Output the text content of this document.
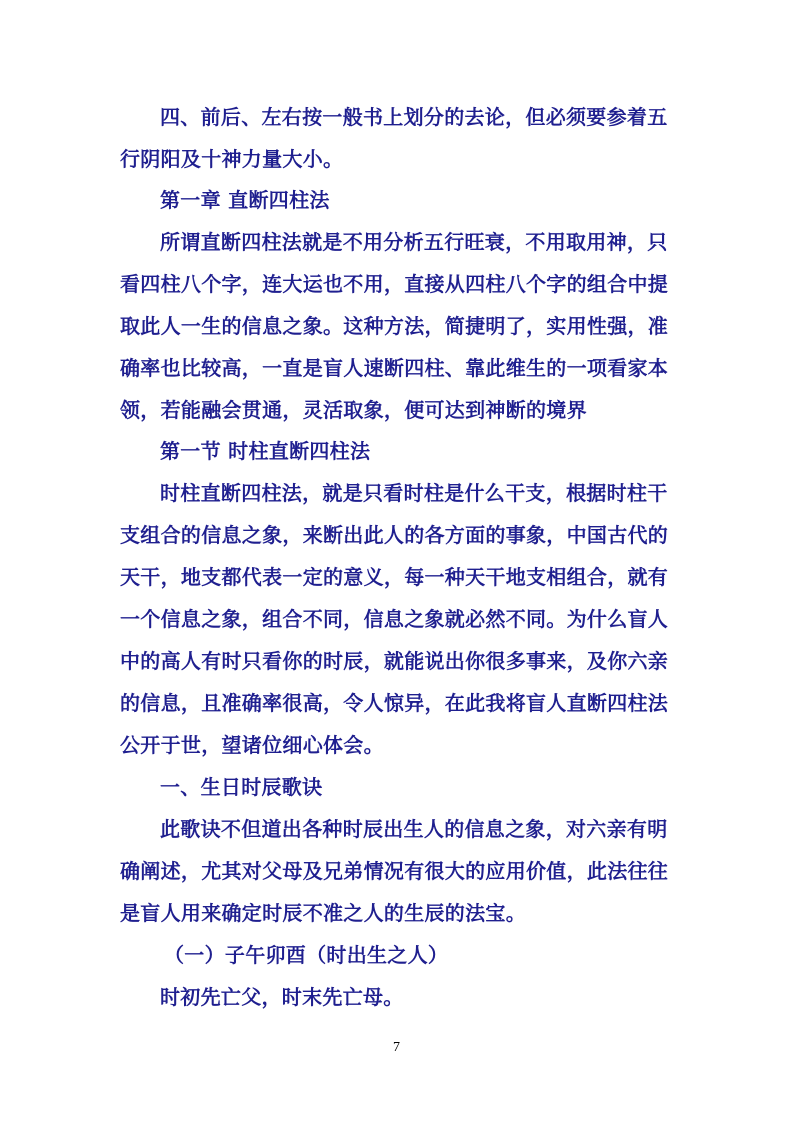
四、前后、左右按一般书上划分的去论，但必须要参着五
行阴阳及十神力量大小。
第一章 直断四柱法
所谓直断四柱法就是不用分析五行旺衰，不用取用神，只
看四柱八个字，连大运也不用，直接从四柱八个字的组合中提
取此人一生的信息之象。这种方法，简捷明了，实用性强，准
确率也比较高，一直是盲人速断四柱、靠此维生的一项看家本
领，若能融会贯通，灵活取象，便可达到神断的境界
第一节 时柱直断四柱法
时柱直断四柱法，就是只看时柱是什么干支，根据时柱干
支组合的信息之象，来断出此人的各方面的事象，中国古代的
天干，地支都代表一定的意义，每一种天干地支相组合，就有
一个信息之象，组合不同，信息之象就必然不同。为什么盲人
中的高人有时只看你的时辰，就能说出你很多事来，及你六亲
的信息，且准确率很高，令人惊异，在此我将盲人直断四柱法
公开于世，望诸位细心体会。
一、生日时辰歌诀
此歌诀不但道出各种时辰出生人的信息之象，对六亲有明
确阐述，尤其对父母及兄弟情况有很大的应用价值，此法往往
是盲人用来确定时辰不准之人的生辰的法宝。
（一）子午卯酉（时出生之人）
时初先亡父，时末先亡母。
7
